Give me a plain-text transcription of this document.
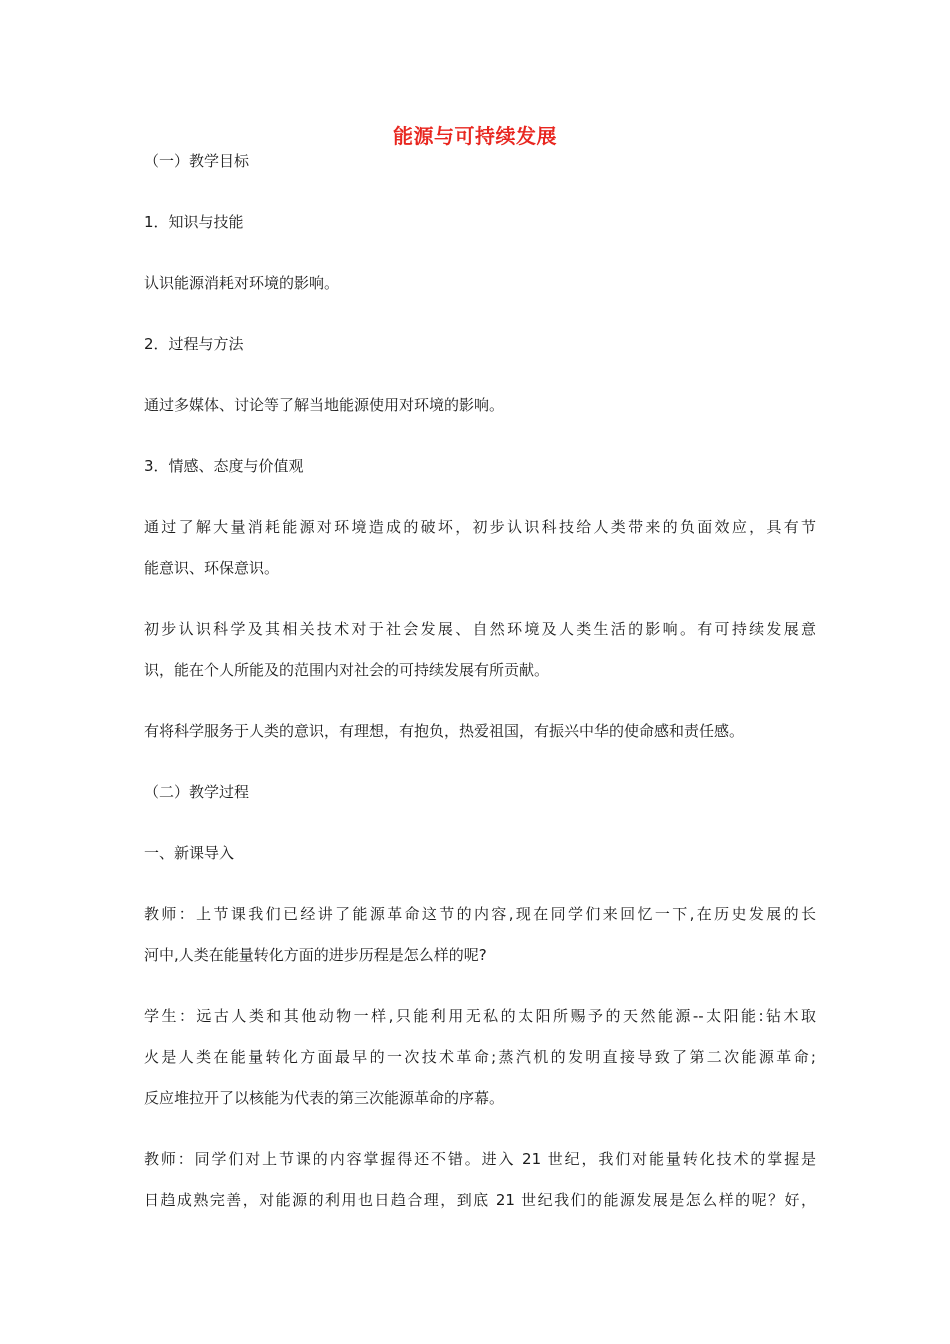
能源与可持续发展
（一）教学目标
1．知识与技能
认识能源消耗对环境的影响。
2．过程与方法
通过多媒体、讨论等了解当地能源使用对环境的影响。
3．情感、态度与价值观
通过了解大量消耗能源对环境造成的破坏，初步认识科技给人类带来的负面效应，具有节
能意识、环保意识。
初步认识科学及其相关技术对于社会发展、自然环境及人类生活的影响。有可持续发展意
识，能在个人所能及的范围内对社会的可持续发展有所贡献。
有将科学服务于人类的意识，有理想，有抱负，热爱祖国，有振兴中华的使命感和责任感。
（二）教学过程
一、新课导入
教师：上节课我们已经讲了能源革命这节的内容,现在同学们来回忆一下,在历史发展的长
河中,人类在能量转化方面的进步历程是怎么样的呢?
学生：远古人类和其他动物一样,只能利用无私的太阳所赐予的天然能源--太阳能:钻木取
火是人类在能量转化方面最早的一次技术革命;蒸汽机的发明直接导致了第二次能源革命;
反应堆拉开了以核能为代表的第三次能源革命的序幕。
教师：同学们对上节课的内容掌握得还不错。进入 21 世纪，我们对能量转化技术的掌握是
日趋成熟完善，对能源的利用也日趋合理，到底 21 世纪我们的能源发展是怎么样的呢？好，
